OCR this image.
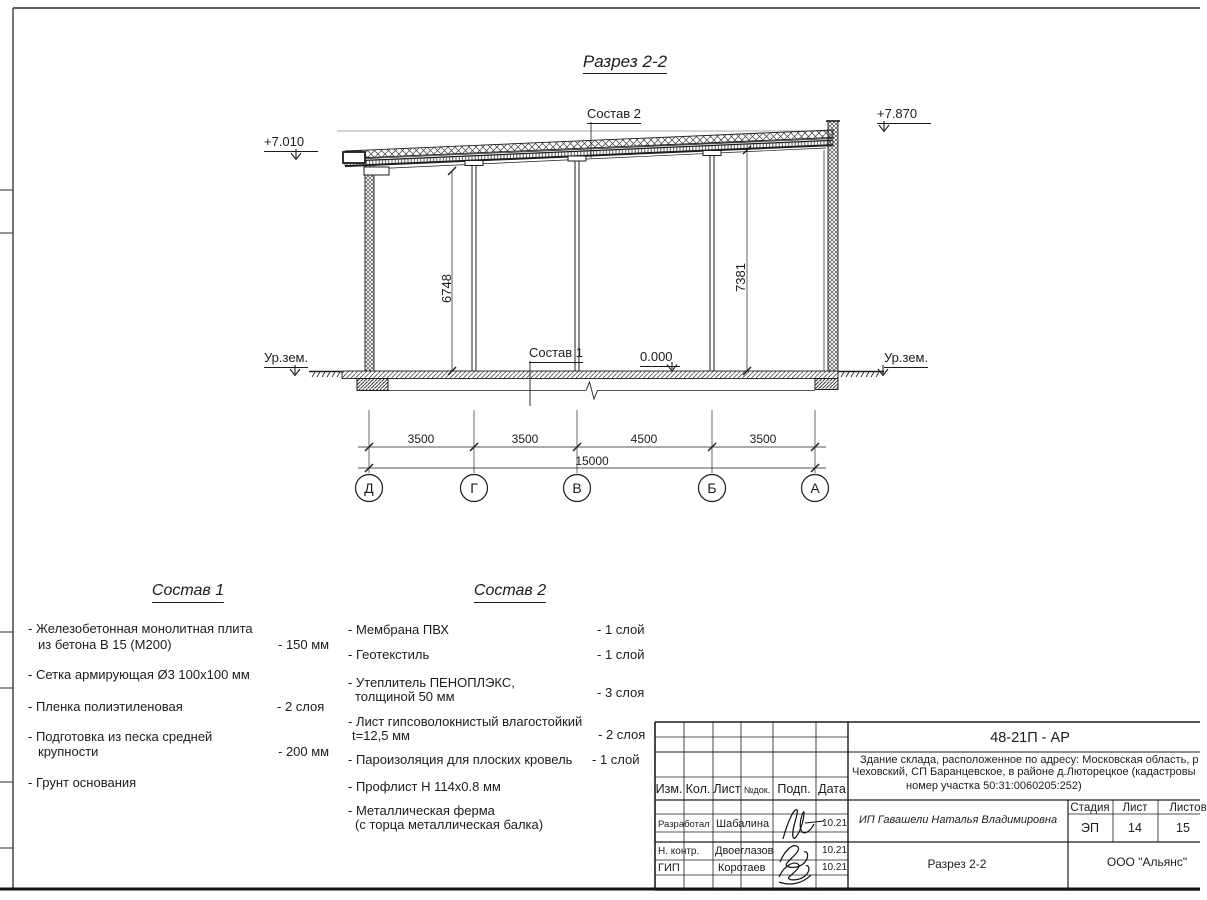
Разрез 2-2
+7.010
+7.870
0.000
Ур.зем.	Ур.зем.
Состав 2
Состав 1
6748	7381
3500	3500	4500	3500
15000
Д	Г	В	Б	А
Состав 1
- Железобетонная монолитная плита
из бетона В 15 (М200)	- 150 мм
- Сетка армирующая Ø3 100х100 мм
- Пленка полиэтиленовая	- 2 слоя
- Подготовка из песка средней
крупности	- 200 мм
- Грунт основания
Состав 2
- Мембрана ПВХ	- 1 слой
- Геотекстиль	- 1 слой
- Утеплитель ПЕНОПЛЭКС,
толщиной 50 мм	- 3 слоя
- Лист гипсоволокнистый влагостойкий
t=12,5 мм	- 2 слоя
- Пароизоляция для плоских кровель - 1 слой
- Профлист Н 114х0.8 мм
- Металлическая ферма
(с торца металлическая балка)
Изм. Кол. Лист №док. Подп. Дата
Разработал Шабалина	10.21
Н. контр. Двоеглазов	10.21
ГИП	Коротаев	10.21
48-21П - АР
Здание склада, расположенное по адресу: Московская область, р
Чеховский, СП Баранцевское, в районе д.Люторецкое (кадастровы
номер участка 50:31:0060205:252)
ИП Гавашели Наталья Владимировна
Стадия Лист Листов
ЭП 14	15
Разрез 2-2	ООО "Альянс"
